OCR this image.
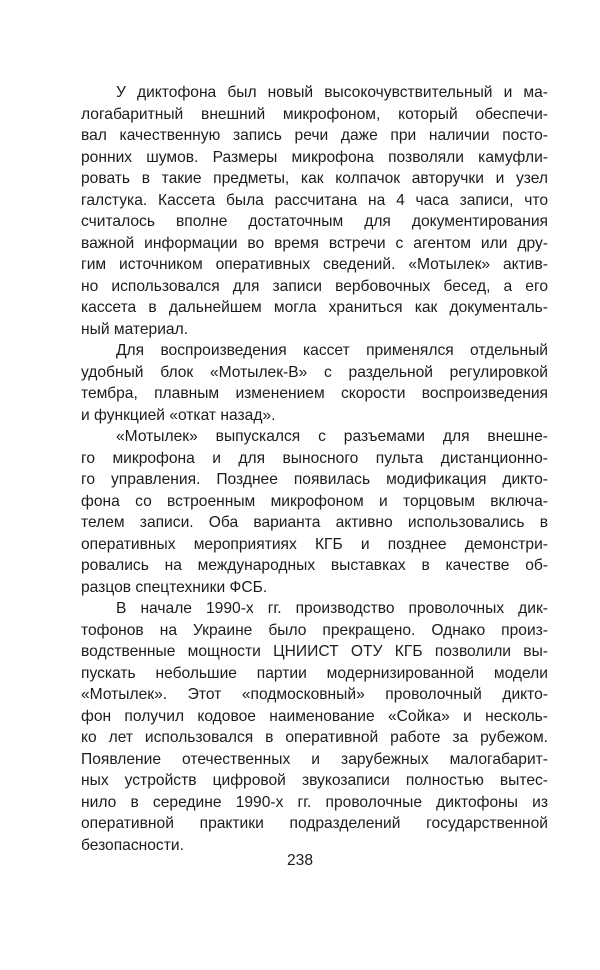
У диктофона был новый высокочувствительный и ма-
логабаритный внешний микрофоном, который обеспечи-
вал качественную запись речи даже при наличии посто-
ронних шумов. Размеры микрофона позволяли камуфли-
ровать в такие предметы, как колпачок авторучки и узел
галстука. Кассета была рассчитана на 4 часа записи, что
считалось вполне достаточным для документирования
важной информации во время встречи с агентом или дру-
гим источником оперативных сведений. «Мотылек» актив-
но использовался для записи вербовочных бесед, а его
кассета в дальнейшем могла храниться как документаль-
ный материал.
Для воспроизведения кассет применялся отдельный
удобный блок «Мотылек-В» с раздельной регулировкой
тембра, плавным изменением скорости воспроизведения
и функцией «откат назад».
«Мотылек» выпускался с разъемами для внешне-
го микрофона и для выносного пульта дистанционно-
го управления. Позднее появилась модификация дикто-
фона со встроенным микрофоном и торцовым включа-
телем записи. Оба варианта активно использовались в
оперативных мероприятиях КГБ и позднее демонстри-
ровались на международных выставках в качестве об-
разцов спецтехники ФСБ.
В начале 1990-х гг. производство проволочных дик-
тофонов на Украине было прекращено. Однако произ-
водственные мощности ЦНИИСТ ОТУ КГБ позволили вы-
пускать небольшие партии модернизированной модели
«Мотылек». Этот «подмосковный» проволочный дикто-
фон получил кодовое наименование «Сойка» и несколь-
ко лет использовался в оперативной работе за рубежом.
Появление отечественных и зарубежных малогабарит-
ных устройств цифровой звукозаписи полностью вытес-
нило в середине 1990-х гг. проволочные диктофоны из
оперативной практики подразделений государственной
безопасности.
238
